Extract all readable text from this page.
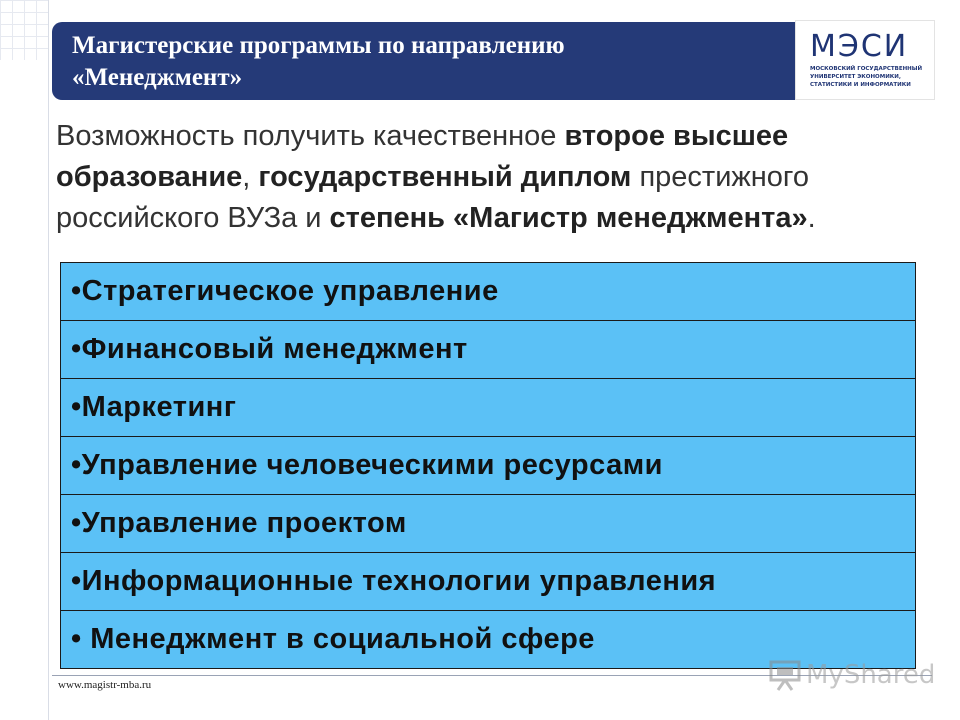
Магистерские программы по направлению
«Менеджмент»
МЭСИ
МОСКОВСКИЙ ГОСУДАРСТВЕННЫЙ УНИВЕРСИТЕТ ЭКОНОМИКИ, СТАТИСТИКИ И ИНФОРМАТИКИ
Возможность получить качественное второе высшее образование, государственный диплом престижного российского ВУЗа и степень «Магистр менеджмента».
•Стратегическое управление
•Финансовый менеджмент
•Маркетинг
•Управление человеческими ресурсами
•Управление проектом
•Информационные технологии управления
• Менеджмент в социальной сфере
www.magistr-mba.ru	MyShared
